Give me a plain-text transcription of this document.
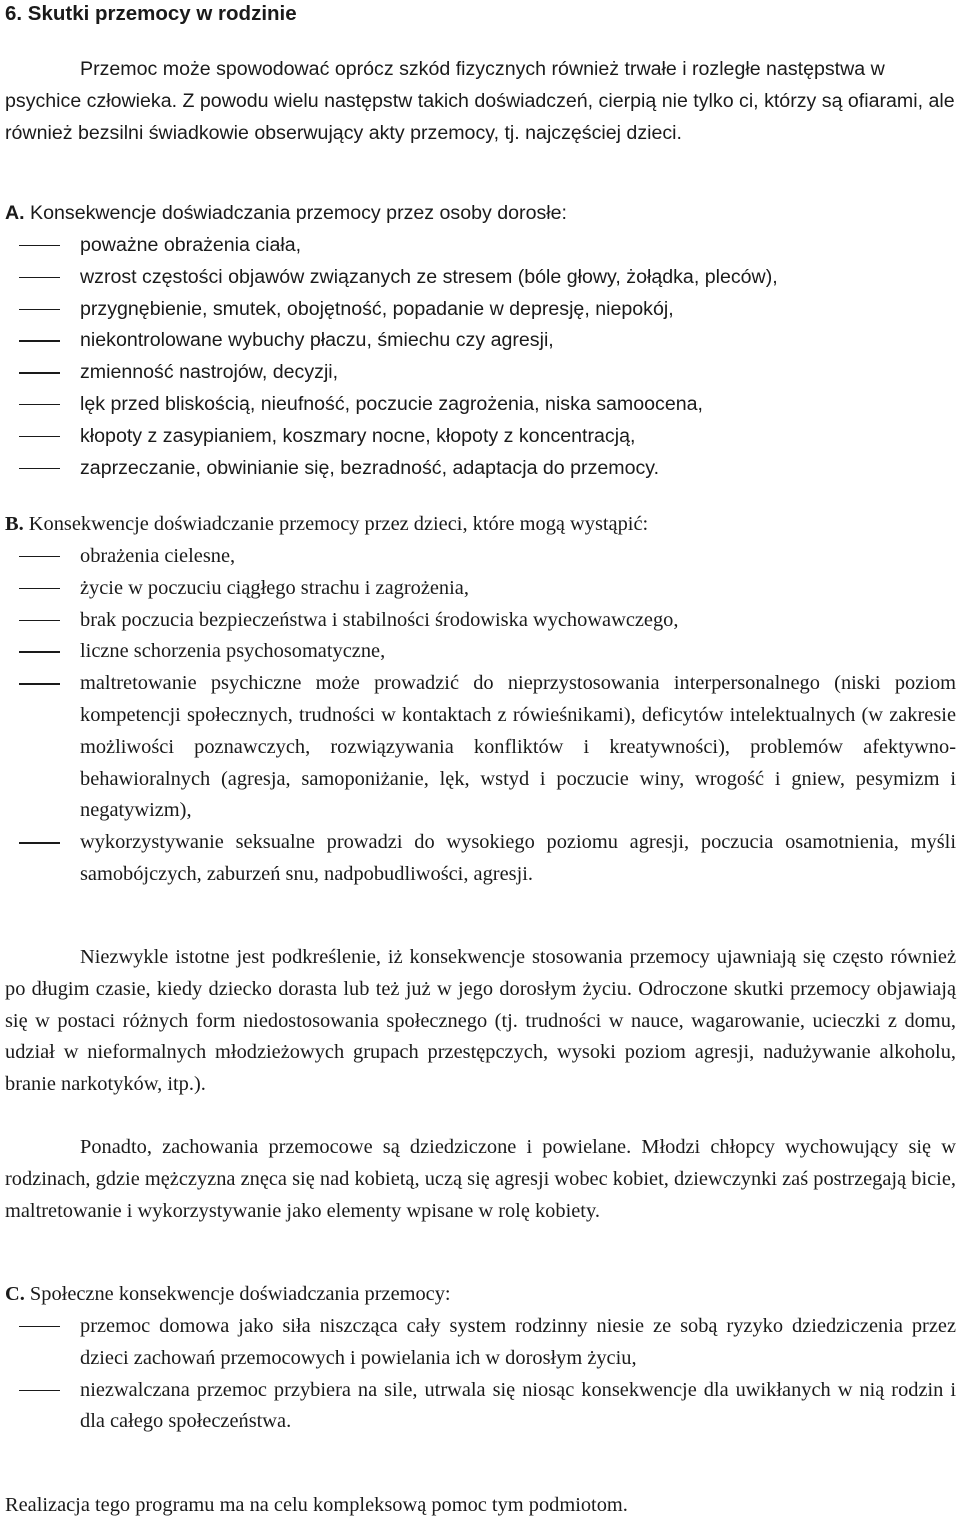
6. Skutki przemocy w rodzinie
Przemoc może spowodować oprócz szkód fizycznych również trwałe i rozległe następstwa w psychice człowieka. Z powodu wielu następstw takich doświadczeń, cierpią nie tylko ci, którzy są ofiarami, ale również bezsilni świadkowie obserwujący akty przemocy, tj. najczęściej dzieci.
A. Konsekwencje doświadczania przemocy przez osoby dorosłe:
poważne obrażenia ciała,
wzrost częstości objawów związanych ze stresem (bóle głowy, żołądka, pleców),
przygnębienie, smutek, obojętność, popadanie w depresję, niepokój,
niekontrolowane wybuchy płaczu, śmiechu czy agresji,
zmienność nastrojów, decyzji,
lęk przed bliskością, nieufność, poczucie zagrożenia, niska samoocena,
kłopoty z zasypianiem, koszmary nocne, kłopoty z koncentracją,
zaprzeczanie, obwinianie się, bezradność, adaptacja do przemocy.
B. Konsekwencje doświadczanie przemocy przez dzieci, które mogą wystąpić:
obrażenia cielesne,
życie w poczuciu ciągłego strachu i zagrożenia,
brak poczucia bezpieczeństwa i stabilności środowiska wychowawczego,
liczne schorzenia psychosomatyczne,
maltretowanie psychiczne może prowadzić do nieprzystosowania interpersonalnego (niski poziom kompetencji społecznych, trudności w kontaktach z rówieśnikami), deficytów intelektualnych (w zakresie możliwości poznawczych, rozwiązywania konfliktów i kreatywności), problemów afektywno-behawioralnych (agresja, samoponiżanie, lęk, wstyd i poczucie winy, wrogość i gniew, pesymizm i negatywizm),
wykorzystywanie seksualne prowadzi do wysokiego poziomu agresji, poczucia osamotnienia, myśli samobójczych, zaburzeń snu, nadpobudliwości, agresji.
Niezwykle istotne jest podkreślenie, iż konsekwencje stosowania przemocy ujawniają się często również po długim czasie, kiedy dziecko dorasta lub też już w jego dorosłym życiu. Odroczone skutki przemocy objawiają się w postaci różnych form niedostosowania społecznego (tj. trudności w nauce, wagarowanie, ucieczki z domu, udział w nieformalnych młodzieżowych grupach przestępczych, wysoki poziom agresji, nadużywanie alkoholu, branie narkotyków, itp.).
Ponadto, zachowania przemocowe są dziedziczone i powielane. Młodzi chłopcy wychowujący się w rodzinach, gdzie mężczyzna znęca się nad kobietą, uczą się agresji wobec kobiet, dziewczynki zaś postrzegają bicie, maltretowanie i wykorzystywanie jako elementy wpisane w rolę kobiety.
C. Społeczne konsekwencje doświadczania przemocy:
przemoc domowa jako siła niszcząca cały system rodzinny niesie ze sobą ryzyko dziedziczenia przez dzieci zachowań przemocowych i powielania ich w dorosłym życiu,
niezwalczana przemoc przybiera na sile, utrwala się niosąc konsekwencje dla uwikłanych w nią rodzin i dla całego społeczeństwa.
Realizacja tego programu ma na celu kompleksową pomoc tym podmiotom.
